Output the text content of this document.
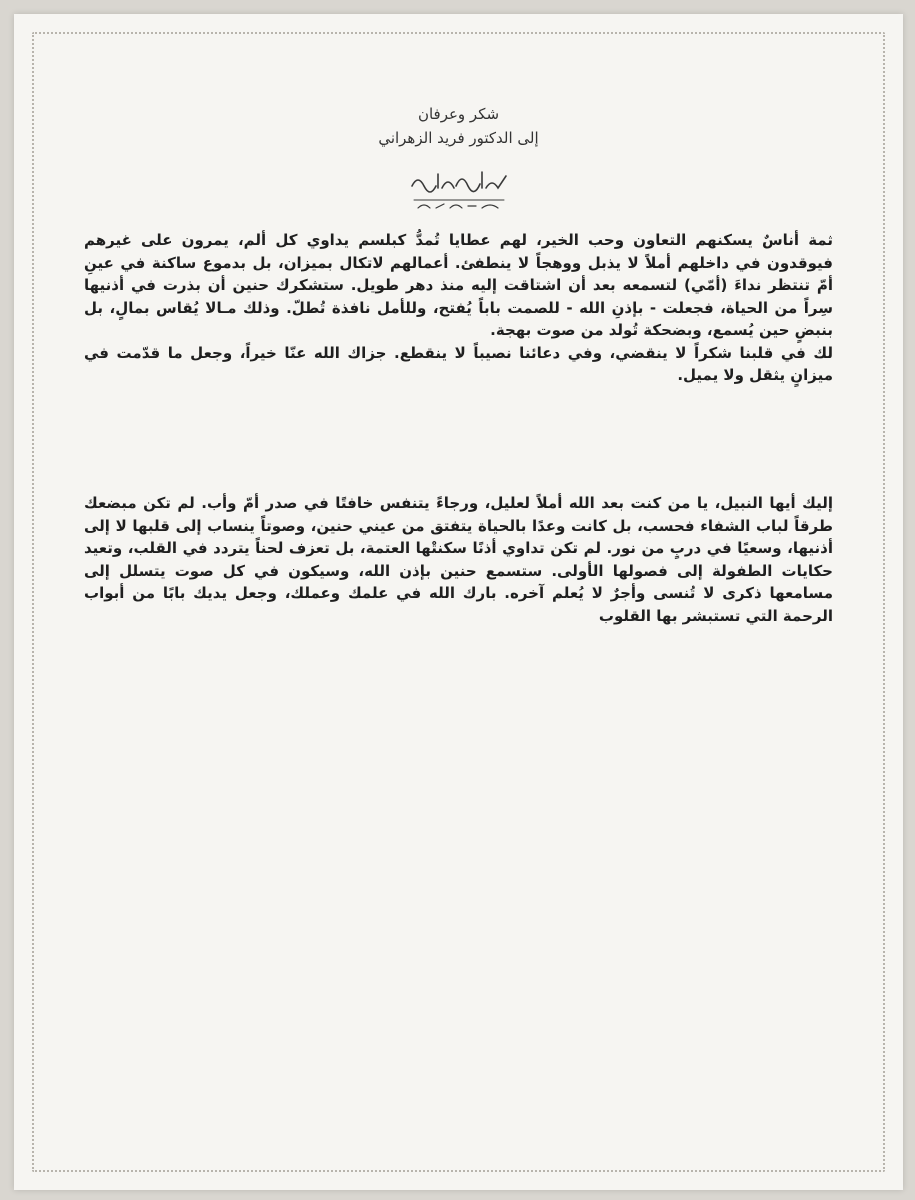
شكر وعرفان
إلى الدكتور فريد الزهراني

ثمة أناسٌ يسكنهم التعاون وحب الخير، لهم عطايا تُمدُّ كبلسم يداوي كل ألم، يمرون على غيرهم فيوقدون في داخلهم أملاً لا يذبل ووهجاً لا ينطفئ. أعمالهم لاتكال بميزان، بل بدموع ساكنة في عينِ أمّ تنتظر نداءَ (أمّي) لتسمعه بعد أن اشتاقت إليه منذ دهر طويل. ستشكرك حنين أن بذرت في أذنيها سِراً من الحياة، فجعلت - بإذنِ الله - للصمت باباً يُفتح، وللأمل نافذة تُطلّ. وذلك مـالا يُقاس بمالٍ، بل بنبضٍ حين يُسمع، وبضحكة تُولد من صوت بهجة.

لك في قلبنا شكراً لا ينقضي، وفي دعائنا نصيباً لا ينقطع. جزاك الله عنّا خيراً، وجعل ما قدّمت في ميزانٍ يثقل ولا يميل.

إليك أيها النبيل، يا من كنت بعد الله أملاً لعليل، ورجاءً يتنفس خافتًا في صدر أمّ وأب. لم تكن مبضعك طرقاً لباب الشفاء فحسب، بل كانت وعدًا بالحياة يتفتق من عيني حنين، وصوتاً ينساب إلى قلبها لا إلى أذنيها، وسعيًا في دربٍ من نور. لم تكن تداوي أذنًا سكنتْها العتمة، بل تعزف لحناً يتردد في القلب، وتعيد حكايات الطفولة إلى فصولها الأولى. ستسمع حنين بإذن الله، وسيكون في كل صوت يتسلل إلى مسامعها ذكرى لا تُنسى وأجرٌ لا يُعلم آخره. بارك الله في علمك وعملك، وجعل يديك بابًا من أبواب الرحمة التي تستبشر بها القلوب
